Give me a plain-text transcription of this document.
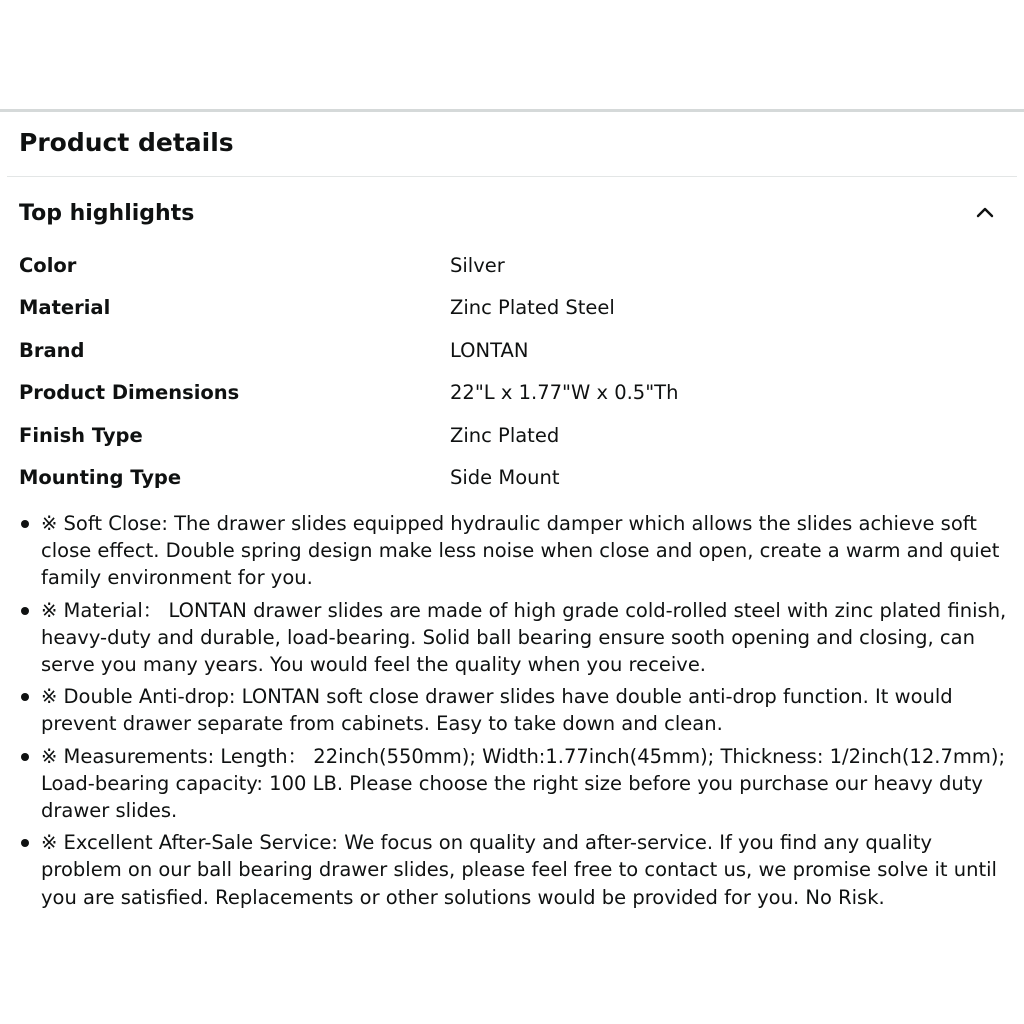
Product details
Top highlights
Color	Silver
Material	Zinc Plated Steel
Brand	LONTAN
Product Dimensions	22"L x 1.77"W x 0.5"Th
Finish Type	Zinc Plated
Mounting Type	Side Mount
※ Soft Close: The drawer slides equipped hydraulic damper which allows the slides achieve soft close effect. Double spring design make less noise when close and open, create a warm and quiet family environment for you.
※ Material： LONTAN drawer slides are made of high grade cold-rolled steel with zinc plated finish, heavy-duty and durable, load-bearing. Solid ball bearing ensure sooth opening and closing, can serve you many years. You would feel the quality when you receive.
※ Double Anti-drop: LONTAN soft close drawer slides have double anti-drop function. It would prevent drawer separate from cabinets. Easy to take down and clean.
※ Measurements: Length： 22inch(550mm); Width:1.77inch(45mm); Thickness: 1/2inch(12.7mm); Load-bearing capacity: 100 LB. Please choose the right size before you purchase our heavy duty drawer slides.
※ Excellent After-Sale Service: We focus on quality and after-service. If you find any quality problem on our ball bearing drawer slides, please feel free to contact us, we promise solve it until you are satisfied. Replacements or other solutions would be provided for you. No Risk.
